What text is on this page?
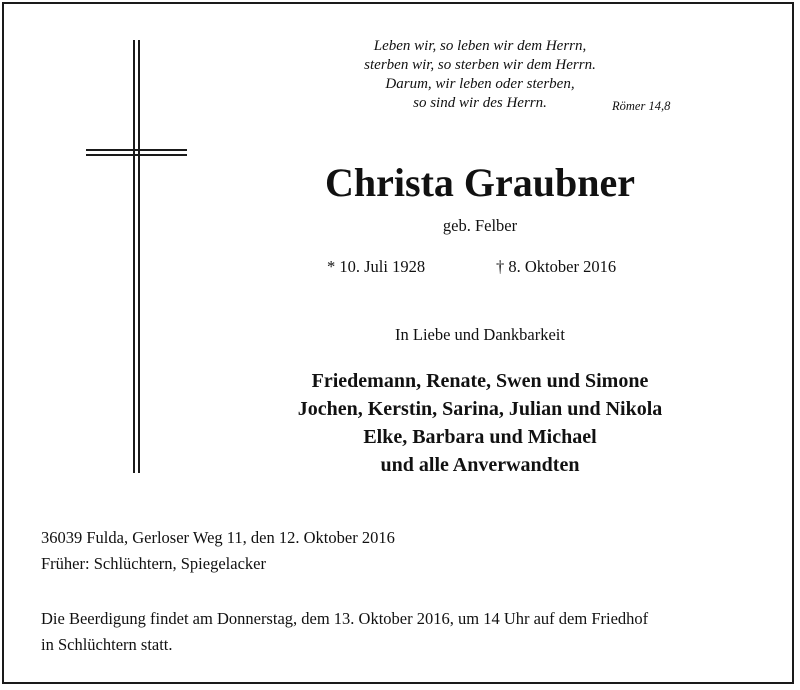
Leben wir, so leben wir dem Herrn,
sterben wir, so sterben wir dem Herrn.
Darum, wir leben oder sterben,
so sind wir des Herrn.	Römer 14,8
Christa Graubner
geb. Felber
* 10. Juli 1928	† 8. Oktober 2016
In Liebe und Dankbarkeit
Friedemann, Renate, Swen und Simone
Jochen, Kerstin, Sarina, Julian und Nikola
Elke, Barbara und Michael
und alle Anverwandten
36039 Fulda, Gerloser Weg 11, den 12. Oktober 2016
Früher: Schlüchtern, Spiegelacker
Die Beerdigung findet am Donnerstag, dem 13. Oktober 2016, um 14 Uhr auf dem Friedhof
in Schlüchtern statt.
